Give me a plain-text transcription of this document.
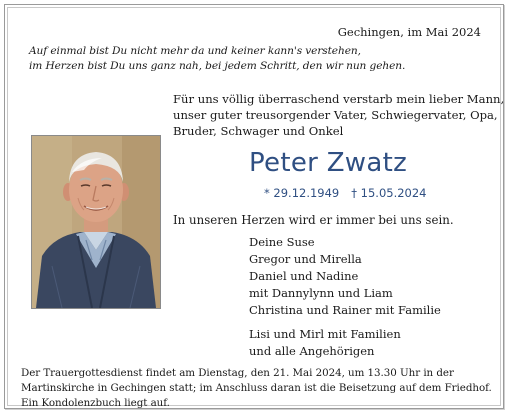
Gechingen, im Mai 2024
Auf einmal bist Du nicht mehr da und keiner kann's verstehen,
im Herzen bist Du uns ganz nah, bei jedem Schritt, den wir nun gehen.
Für uns völlig überraschend verstarb mein lieber Mann,
unser guter treusorgender Vater, Schwiegervater, Opa,
Bruder, Schwager und Onkel
Peter Zwatz
* 29.12.1949 † 15.05.2024
In unseren Herzen wird er immer bei uns sein.
Deine Suse
Gregor und Mirella
Daniel und Nadine
mit Dannylynn und Liam
Christina und Rainer mit Familie
Lisi und Mirl mit Familien
und alle Angehörigen
Der Trauergottesdienst findet am Dienstag, den 21. Mai 2024, um 13.30 Uhr in der
Martinskirche in Gechingen statt; im Anschluss daran ist die Beisetzung auf dem Friedhof.
Ein Kondolenzbuch liegt auf.
